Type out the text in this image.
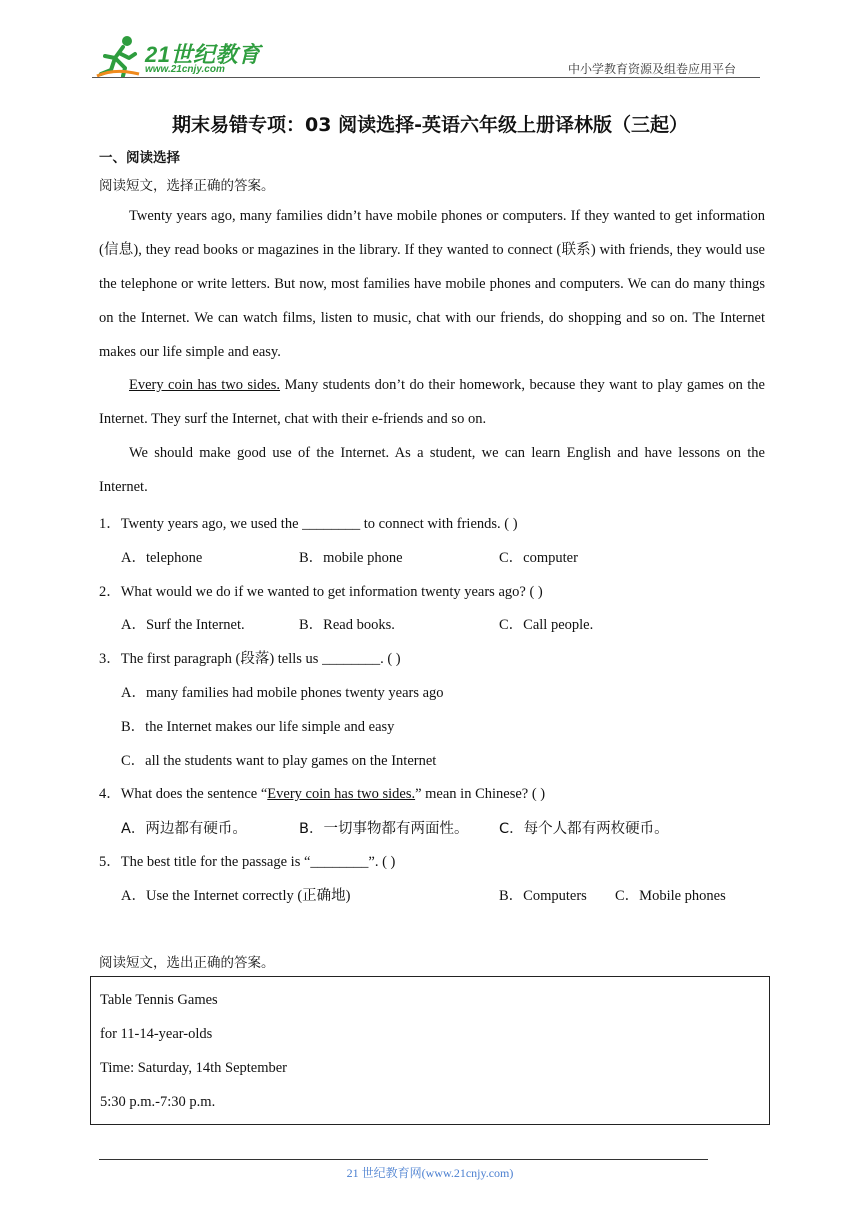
21世纪教育
www.21cnjy.com	中小学教育资源及组卷应用平台
期末易错专项：03 阅读选择-英语六年级上册译林版（三起）
一、阅读选择
阅读短文，选择正确的答案。
Twenty years ago, many families didn’t have mobile phones or computers. If they wanted to get information (信息), they read books or magazines in the library. If they wanted to connect (联系) with friends, they would use the telephone or write letters. But now, most families have mobile phones and computers. We can do many things on the Internet. We can watch films, listen to music, chat with our friends, do shopping and so on. The Internet makes our life simple and easy.
Every coin has two sides. Many students don’t do their homework, because they want to play games on the Internet. They surf the Internet, chat with their e-friends and so on.
We should make good use of the Internet. As a student, we can learn English and have lessons on the Internet.
1．Twenty years ago, we used the ________ to connect with friends. ( )
A．telephone	B．mobile phone	C．computer
2．What would we do if we wanted to get information twenty years ago? ( )
A．Surf the Internet.	B．Read books.	C．Call people.
3．The first paragraph (段落) tells us ________. ( )
A．many families had mobile phones twenty years ago
B．the Internet makes our life simple and easy
C．all the students want to play games on the Internet
4．What does the sentence “Every coin has two sides.” mean in Chinese? ( )
A．两边都有硬币。	B．一切事物都有两面性。 C．每个人都有两枚硬币。
5．The best title for the passage is “________”. ( )
A．Use the Internet correctly (正确地)	B．Computers C．Mobile phones
阅读短文，选出正确的答案。
Table Tennis Games
for 11-14-year-olds
Time: Saturday, 14th September
5:30 p.m.-7:30 p.m.
21 世纪教育网(www.21cnjy.com)
